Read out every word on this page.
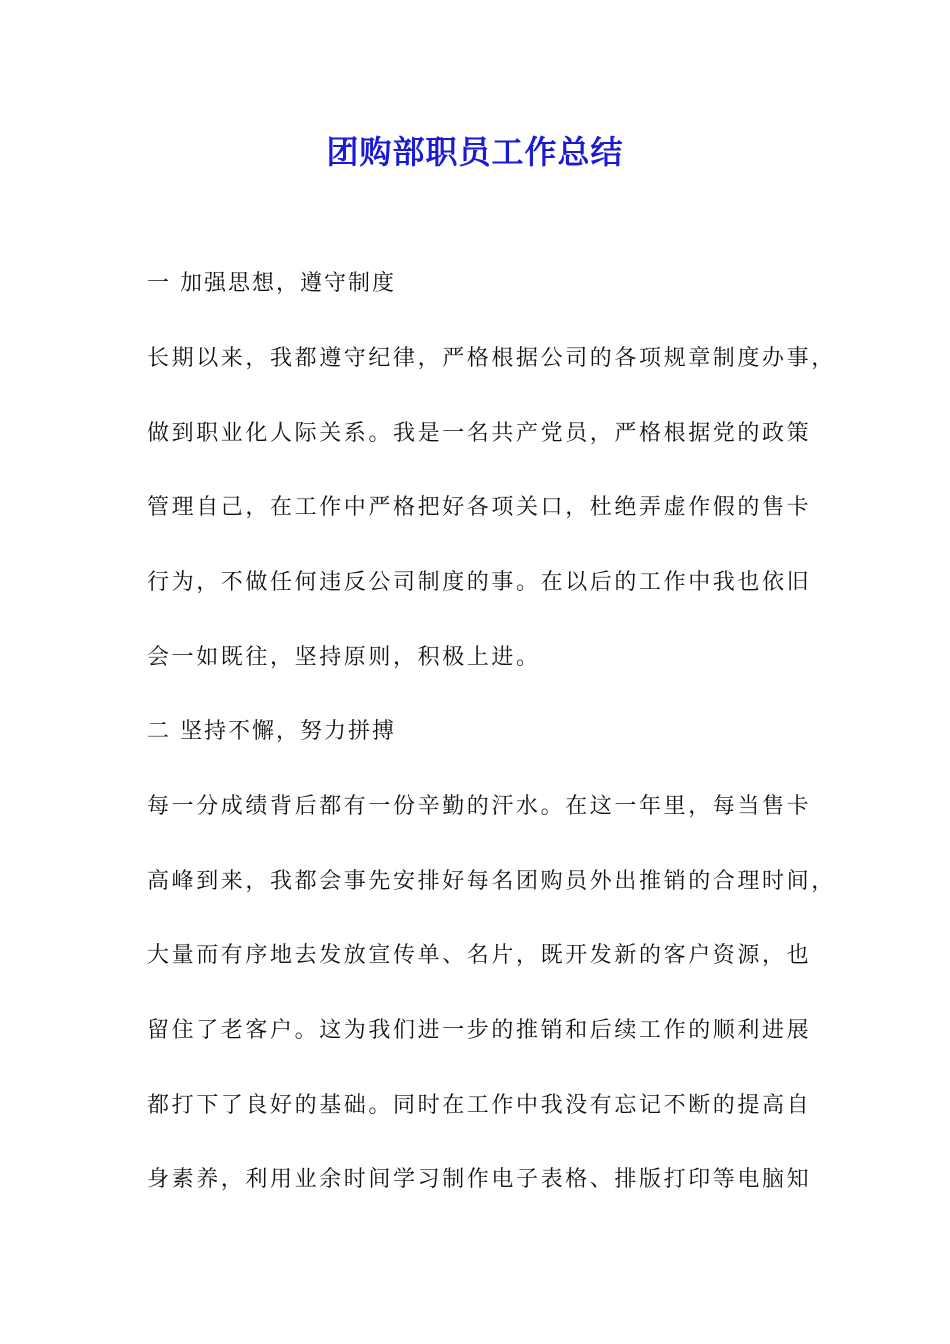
团购部职员工作总结
一 加强思想，遵守制度
长期以来，我都遵守纪律，严格根据公司的各项规章制度办事，
做到职业化人际关系。我是一名共产党员，严格根据党的政策
管理自己，在工作中严格把好各项关口，杜绝弄虚作假的售卡
行为，不做任何违反公司制度的事。在以后的工作中我也依旧
会一如既往，坚持原则，积极上进。
二 坚持不懈，努力拼搏
每一分成绩背后都有一份辛勤的汗水。在这一年里，每当售卡
高峰到来，我都会事先安排好每名团购员外出推销的合理时间，
大量而有序地去发放宣传单、名片，既开发新的客户资源，也
留住了老客户。这为我们进一步的推销和后续工作的顺利进展
都打下了良好的基础。同时在工作中我没有忘记不断的提高自
身素养，利用业余时间学习制作电子表格、排版打印等电脑知
